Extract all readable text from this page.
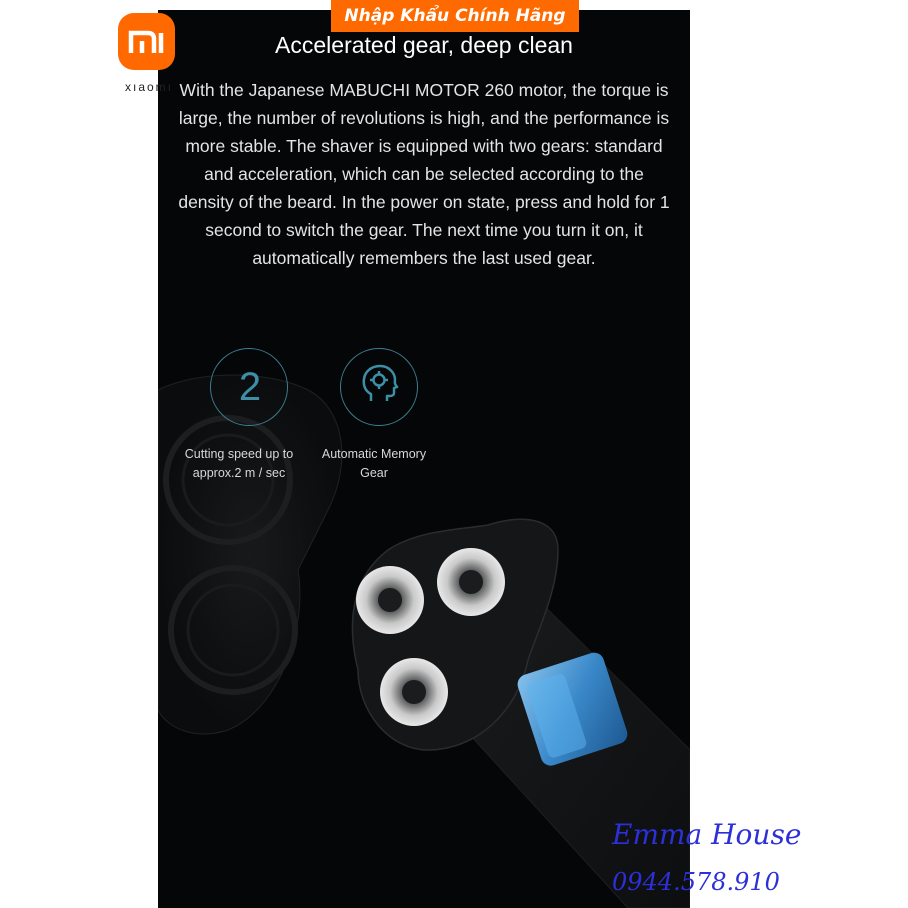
Nhập Khẩu Chính Hãng
xıaomı
Accelerated gear, deep clean
With the Japanese MABUCHI MOTOR 260 motor, the torque is large, the number of revolutions is high, and the performance is more stable. The shaver is equipped with two gears: standard and acceleration, which can be selected according to the density of the beard. In the power on state, press and hold for 1 second to switch the gear. The next time you turn it on, it automatically remembers the last used gear.
2
Cutting speed up to
approx.2 m / sec
Automatic Memory
Gear
Emma House
0944.578.910
